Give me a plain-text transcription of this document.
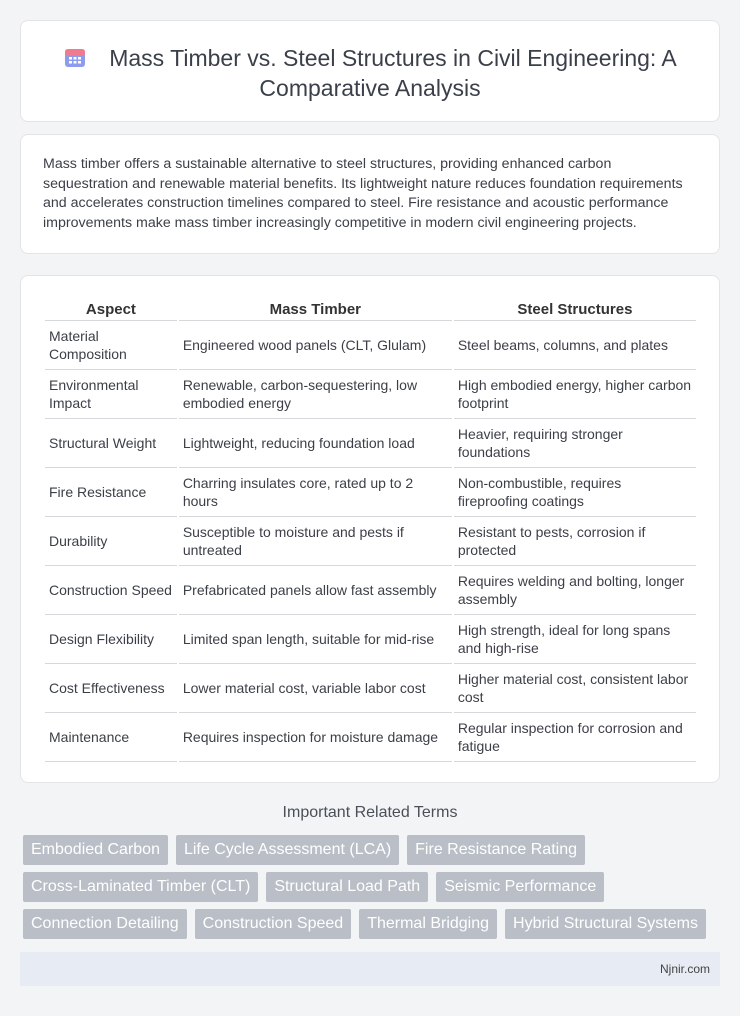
Mass Timber vs. Steel Structures in Civil Engineering: A
Comparative Analysis

Mass timber offers a sustainable alternative to steel structures, providing enhanced carbon sequestration and renewable material benefits. Its lightweight nature reduces foundation requirements and accelerates construction timelines compared to steel. Fire resistance and acoustic performance improvements make mass timber increasingly competitive in modern civil engineering projects.

Aspect	Mass Timber	Steel Structures
Material Composition	Engineered wood panels (CLT, Glulam)	Steel beams, columns, and plates
Environmental Impact	Renewable, carbon-sequestering, low embodied energy	High embodied energy, higher carbon footprint
Structural Weight	Lightweight, reducing foundation load	Heavier, requiring stronger foundations
Fire Resistance	Charring insulates core, rated up to 2 hours	Non-combustible, requires fireproofing coatings
Durability	Susceptible to moisture and pests if untreated	Resistant to pests, corrosion if protected
Construction Speed	Prefabricated panels allow fast assembly	Requires welding and bolting, longer assembly
Design Flexibility	Limited span length, suitable for mid-rise	High strength, ideal for long spans and high-rise
Cost Effectiveness	Lower material cost, variable labor cost	Higher material cost, consistent labor cost
Maintenance	Requires inspection for moisture damage	Regular inspection for corrosion and fatigue
Important Related Terms
Embodied Carbon	Life Cycle Assessment (LCA)	Fire Resistance Rating
Cross-Laminated Timber (CLT)	Structural Load Path	Seismic Performance
Connection Detailing	Construction Speed	Thermal Bridging	Hybrid Structural Systems
Njnir.com
